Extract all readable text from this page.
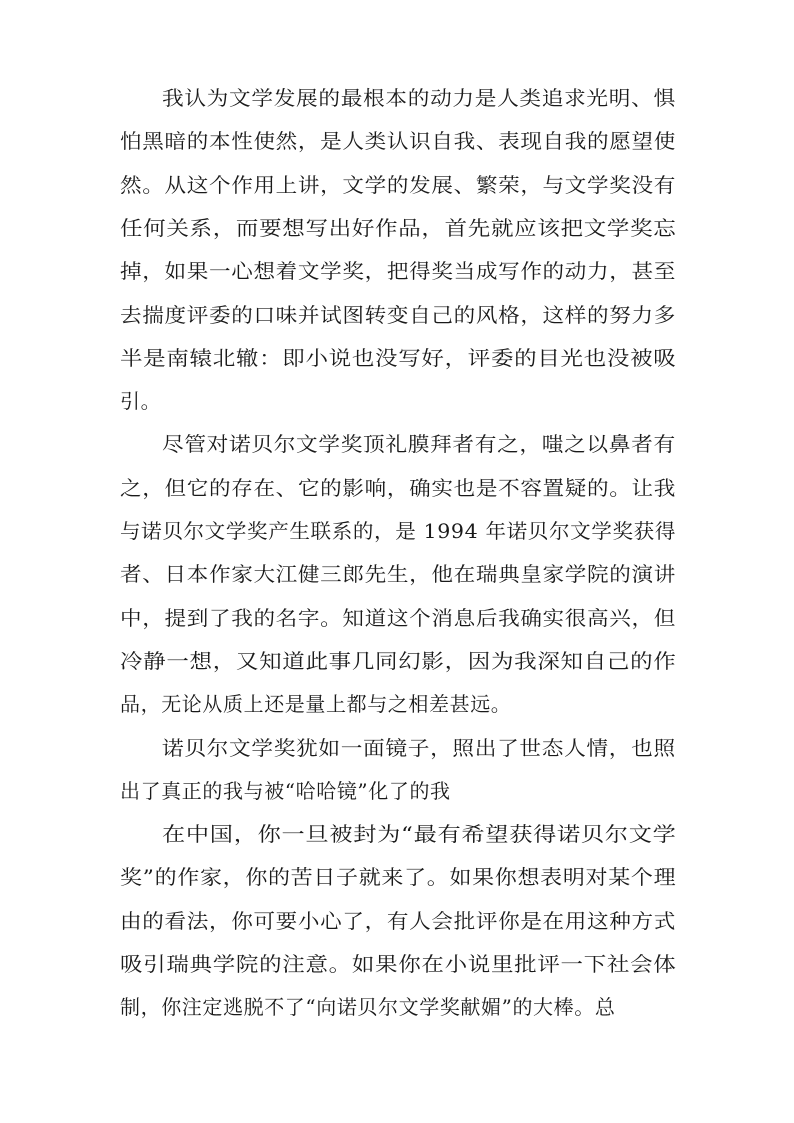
我认为文学发展的最根本的动力是人类追求光明、惧
怕黑暗的本性使然，是人类认识自我、表现自我的愿望使
然。从这个作用上讲，文学的发展、繁荣，与文学奖没有
任何关系，而要想写出好作品，首先就应该把文学奖忘
掉，如果一心想着文学奖，把得奖当成写作的动力，甚至
去揣度评委的口味并试图转变自己的风格，这样的努力多
半是南辕北辙：即小说也没写好，评委的目光也没被吸
引。
尽管对诺贝尔文学奖顶礼膜拜者有之，嗤之以鼻者有
之，但它的存在、它的影响，确实也是不容置疑的。让我
与诺贝尔文学奖产生联系的，是 1994 年诺贝尔文学奖获得
者、日本作家大江健三郎先生，他在瑞典皇家学院的演讲
中，提到了我的名字。知道这个消息后我确实很高兴，但
冷静一想，又知道此事几同幻影，因为我深知自己的作
品，无论从质上还是量上都与之相差甚远。
诺贝尔文学奖犹如一面镜子，照出了世态人情，也照
出了真正的我与被“哈哈镜”化了的我
在中国，你一旦被封为“最有希望获得诺贝尔文学
奖”的作家，你的苦日子就来了。如果你想表明对某个理
由的看法，你可要小心了，有人会批评你是在用这种方式
吸引瑞典学院的注意。如果你在小说里批评一下社会体
制，你注定逃脱不了“向诺贝尔文学奖献媚”的大棒。总
